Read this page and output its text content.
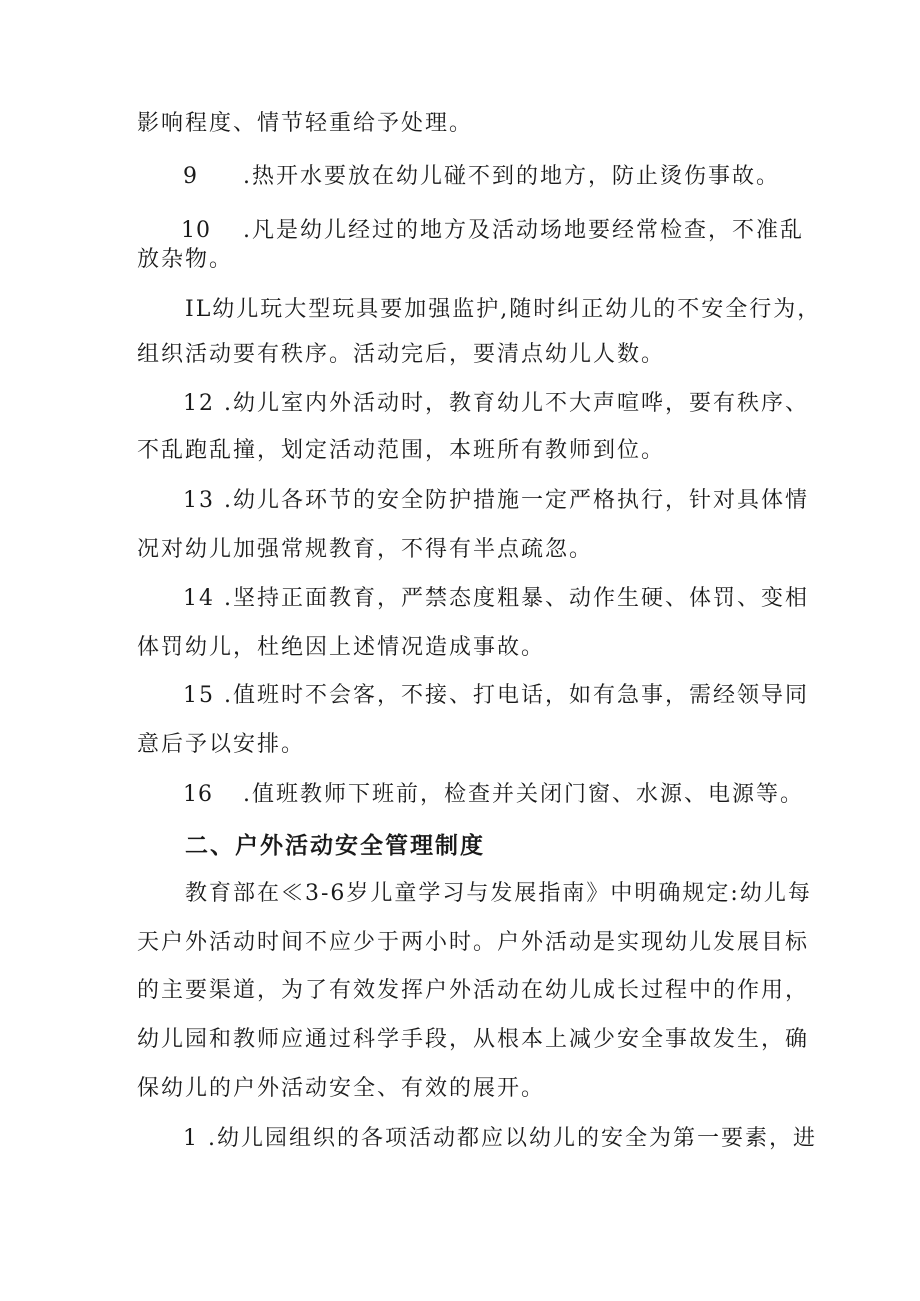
影响程度、情节轻重给予处理。
9 .热开水要放在幼儿碰不到的地方，防止烫伤事故。
10 .凡是幼儿经过的地方及活动场地要经常检查，不准乱
放杂物。
IL幼儿玩大型玩具要加强监护,随时纠正幼儿的不安全行为，
组织活动要有秩序。活动完后，要清点幼儿人数。
12 .幼儿室内外活动时，教育幼儿不大声喧哗，要有秩序、
不乱跑乱撞，划定活动范围，本班所有教师到位。
13 .幼儿各环节的安全防护措施一定严格执行，针对具体情
况对幼儿加强常规教育，不得有半点疏忽。
14 .坚持正面教育，严禁态度粗暴、动作生硬、体罚、变相
体罚幼儿，杜绝因上述情况造成事故。
15 .值班时不会客，不接、打电话，如有急事，需经领导同
意后予以安排。
16 .值班教师下班前，检查并关闭门窗、水源、电源等。
二、户外活动安全管理制度
教育部在≪3-6岁儿童学习与发展指南》中明确规定:幼儿每
天户外活动时间不应少于两小时。户外活动是实现幼儿发展目标
的主要渠道，为了有效发挥户外活动在幼儿成长过程中的作用，
幼儿园和教师应通过科学手段，从根本上减少安全事故发生，确
保幼儿的户外活动安全、有效的展开。
1 .幼儿园组织的各项活动都应以幼儿的安全为第一要素，进
